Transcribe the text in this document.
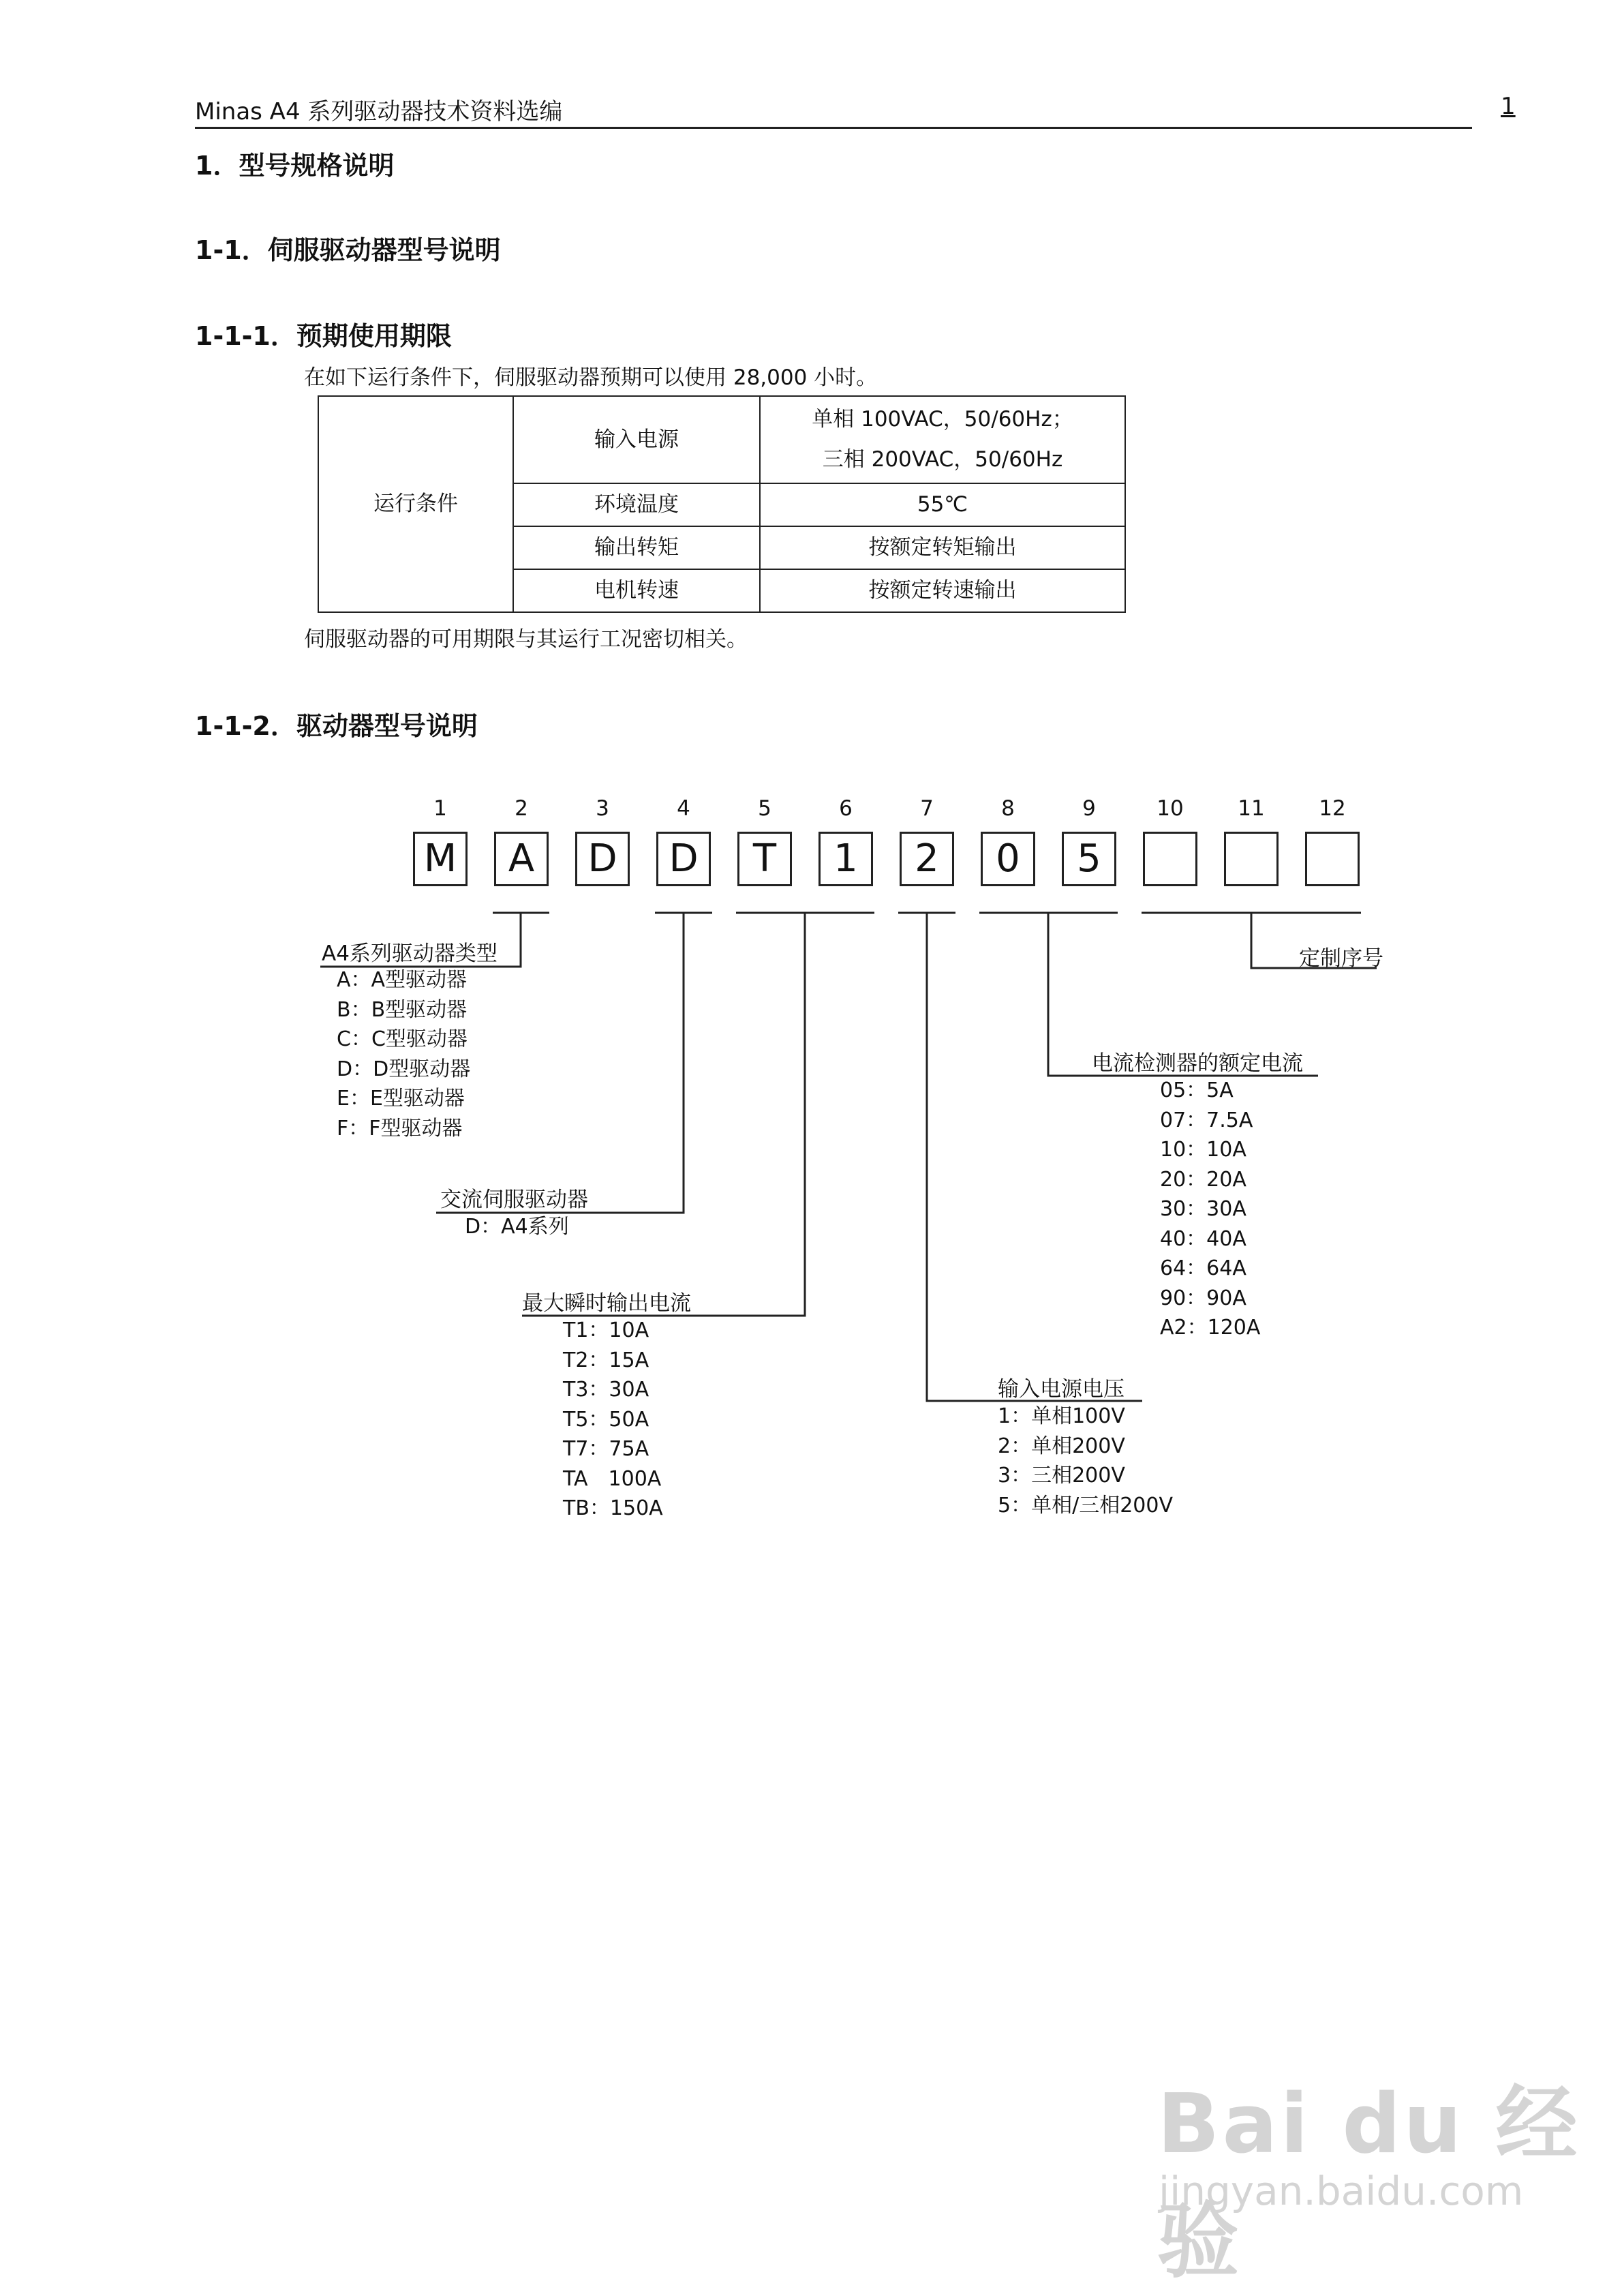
Minas A4 系列驱动器技术资料选编	1
1．型号规格说明
1-1．伺服驱动器型号说明
1-1-1．预期使用期限
在如下运行条件下，伺服驱动器预期可以使用 28,000 小时。
运行条件	输入电源	单相 100VAC，50/60Hz；
三相 200VAC，50/60Hz

	环境温度	55℃
	输出转矩	按额定转矩输出
	电机转速	按额定转速输出
伺服驱动器的可用期限与其运行工况密切相关。
1-1-2．驱动器型号说明
1	2	3	4	5	6	7	8	9	10	11	12
M	A	D	D	T	1	2	0	5
A4系列驱动器类型
A：A型驱动器
B：B型驱动器
C：C型驱动器
D：D型驱动器
E：E型驱动器
F：F型驱动器
交流伺服驱动器
D：A4系列
最大瞬时输出电流
T1：10A
T2：15A
T3：30A
T5：50A
T7：75A
TA　100A
TB：150A
输入电源电压
1：单相100V
2：单相200V
3：三相200V
5：单相/三相200V
电流检测器的额定电流
05：5A
07：7.5A
10：10A
20：20A
30：30A
40：40A
64：64A
90：90A
A2：120A
定制序号
Bai du 经验
jingyan.baidu.com
